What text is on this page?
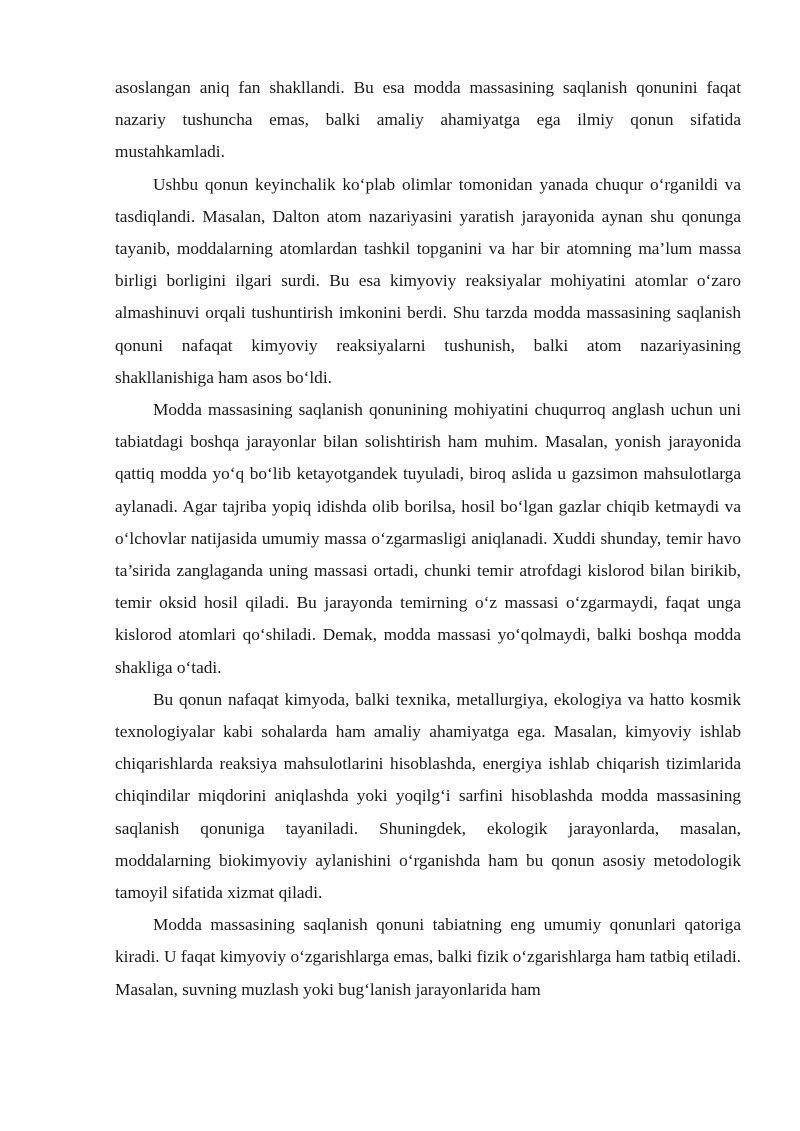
asoslangan aniq fan shakllandi. Bu esa modda massasining saqlanish qonunini faqat nazariy tushuncha emas, balki amaliy ahamiyatga ega ilmiy qonun sifatida mustahkamladi.

Ushbu qonun keyinchalik ko‘plab olimlar tomonidan yanada chuqur o‘rganildi va tasdiqlandi. Masalan, Dalton atom nazariyasini yaratish jarayonida aynan shu qonunga tayanib, moddalarning atomlardan tashkil topganini va har bir atomning ma’lum massa birligi borligini ilgari surdi. Bu esa kimyoviy reaksiyalar mohiyatini atomlar o‘zaro almashinuvi orqali tushuntirish imkonini berdi. Shu tarzda modda massasining saqlanish qonuni nafaqat kimyoviy reaksiyalarni tushunish, balki atom nazariyasining shakllanishiga ham asos bo‘ldi.

Modda massasining saqlanish qonunining mohiyatini chuqurroq anglash uchun uni tabiatdagi boshqa jarayonlar bilan solishtirish ham muhim. Masalan, yonish jarayonida qattiq modda yo‘q bo‘lib ketayotgandek tuyuladi, biroq aslida u gazsimon mahsulotlarga aylanadi. Agar tajriba yopiq idishda olib borilsa, hosil bo‘lgan gazlar chiqib ketmaydi va o‘lchovlar natijasida umumiy massa o‘zgarmasligi aniqlanadi. Xuddi shunday, temir havo ta’sirida zanglaganda uning massasi ortadi, chunki temir atrofdagi kislorod bilan birikib, temir oksid hosil qiladi. Bu jarayonda temirning o‘z massasi o‘zgarmaydi, faqat unga kislorod atomlari qo‘shiladi. Demak, modda massasi yo‘qolmaydi, balki boshqa modda shakliga o‘tadi.

Bu qonun nafaqat kimyoda, balki texnika, metallurgiya, ekologiya va hatto kosmik texnologiyalar kabi sohalarda ham amaliy ahamiyatga ega. Masalan, kimyoviy ishlab chiqarishlarda reaksiya mahsulotlarini hisoblashda, energiya ishlab chiqarish tizimlarida chiqindilar miqdorini aniqlashda yoki yoqilg‘i sarfini hisoblashda modda massasining saqlanish qonuniga tayaniladi. Shuningdek, ekologik jarayonlarda, masalan, moddalarning biokimyoviy aylanishini o‘rganishda ham bu qonun asosiy metodologik tamoyil sifatida xizmat qiladi.

Modda massasining saqlanish qonuni tabiatning eng umumiy qonunlari qatoriga kiradi. U faqat kimyoviy o‘zgarishlarga emas, balki fizik o‘zgarishlarga ham tatbiq etiladi. Masalan, suvning muzlash yoki bug‘lanish jarayonlarida ham
